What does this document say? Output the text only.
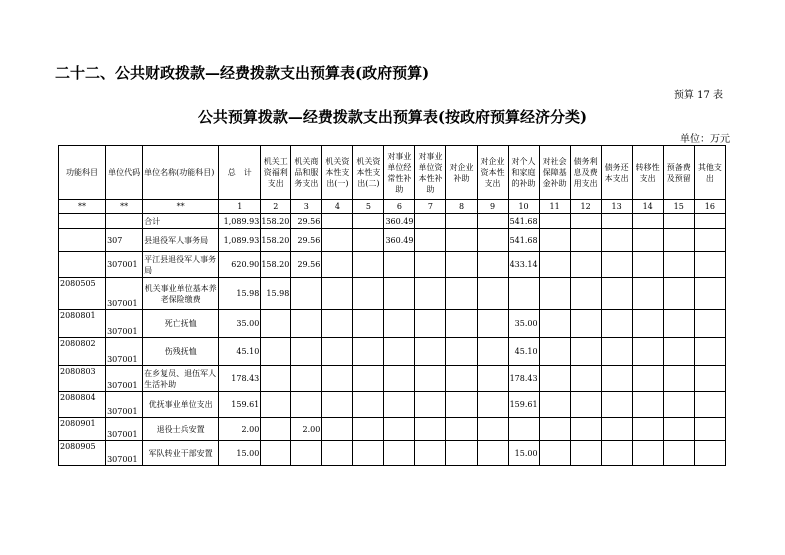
二十二、公共财政拨款—经费拨款支出预算表(政府预算)
预算 17 表
公共预算拨款—经费拨款支出预算表(按政府预算经济分类)
单位：万元
功能科目	单位代码	单位名称(功能科目)	总　计	机关工资福利支出	机关商品和服务支出	机关资本性支出(一)	机关资本性支出(二)	对事业单位经常性补助	对事业单位资本性补助	对企业补助	对企业资本性支出	对个人和家庭的补助	对社会保障基金补助	债务利息及费用支出	债务还本支出	转移性支出	预备费及预留	其他支出
**	**	**	1	2	3	4	5	6	7	8	9	10	11	12	13	14	15	16
		合计	1,089.93	158.20	29.56			360.49				541.68						
	307	县退役军人事务局	1,089.93	158.20	29.56			360.49				541.68						
	307001	平江县退役军人事务局	620.90	158.20	29.56							433.14						
2080505	307001	机关事业单位基本养老保险缴费	15.98	15.98														
2080801	307001	死亡抚恤	35.00									35.00						
2080802	307001	伤残抚恤	45.10									45.10						
2080803	307001	在乡复员、退伍军人生活补助	178.43									178.43						
2080804	307001	优抚事业单位支出	159.61									159.61						
2080901	307001	退役士兵安置	2.00		2.00													
2080905	307001	军队转业干部安置	15.00									15.00						
